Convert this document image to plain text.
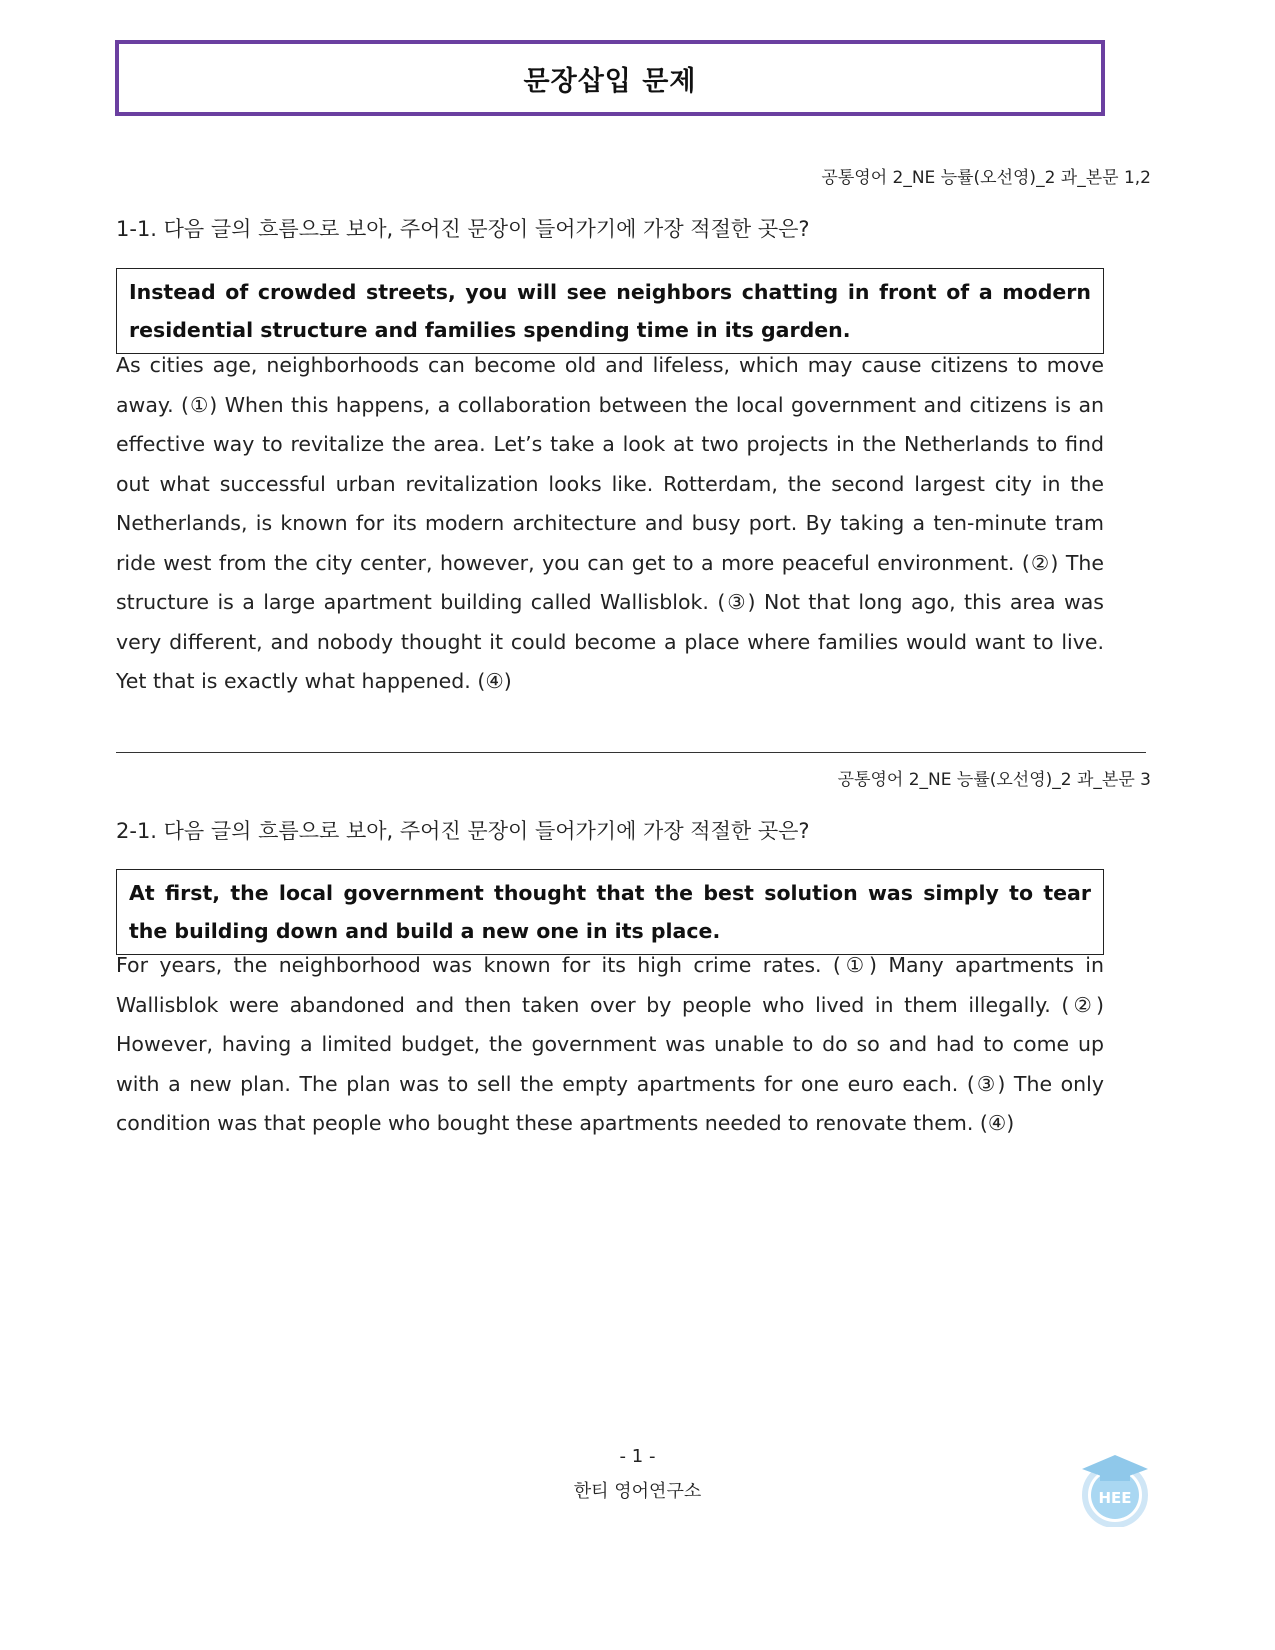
문장삽입 문제
공통영어 2_NE 능률(오선영)_2 과_본문 1,2
1-1. 다음 글의 흐름으로 보아, 주어진 문장이 들어가기에 가장 적절한 곳은?
Instead of crowded streets, you will see neighbors chatting in front of a modern residential structure and families spending time in its garden.
As cities age, neighborhoods can become old and lifeless, which may cause citizens to move away. (①) When this happens, a collaboration between the local government and citizens is an effective way to revitalize the area. Let’s take a look at two projects in the Netherlands to find out what successful urban revitalization looks like. Rotterdam, the second largest city in the Netherlands, is known for its modern architecture and busy port. By taking a ten-minute tram ride west from the city center, however, you can get to a more peaceful environment. (②) The structure is a large apartment building called Wallisblok. (③) Not that long ago, this area was very different, and nobody thought it could become a place where families would want to live. Yet that is exactly what happened. (④)
공통영어 2_NE 능률(오선영)_2 과_본문 3
2-1. 다음 글의 흐름으로 보아, 주어진 문장이 들어가기에 가장 적절한 곳은?
At first, the local government thought that the best solution was simply to tear the building down and build a new one in its place.
For years, the neighborhood was known for its high crime rates. (①) Many apartments in Wallisblok were abandoned and then taken over by people who lived in them illegally. (②) However, having a limited budget, the government was unable to do so and had to come up with a new plan. The plan was to sell the empty apartments for one euro each. (③) The only condition was that people who bought these apartments needed to renovate them. (④)
HEE
- 1 -
한티 영어연구소
